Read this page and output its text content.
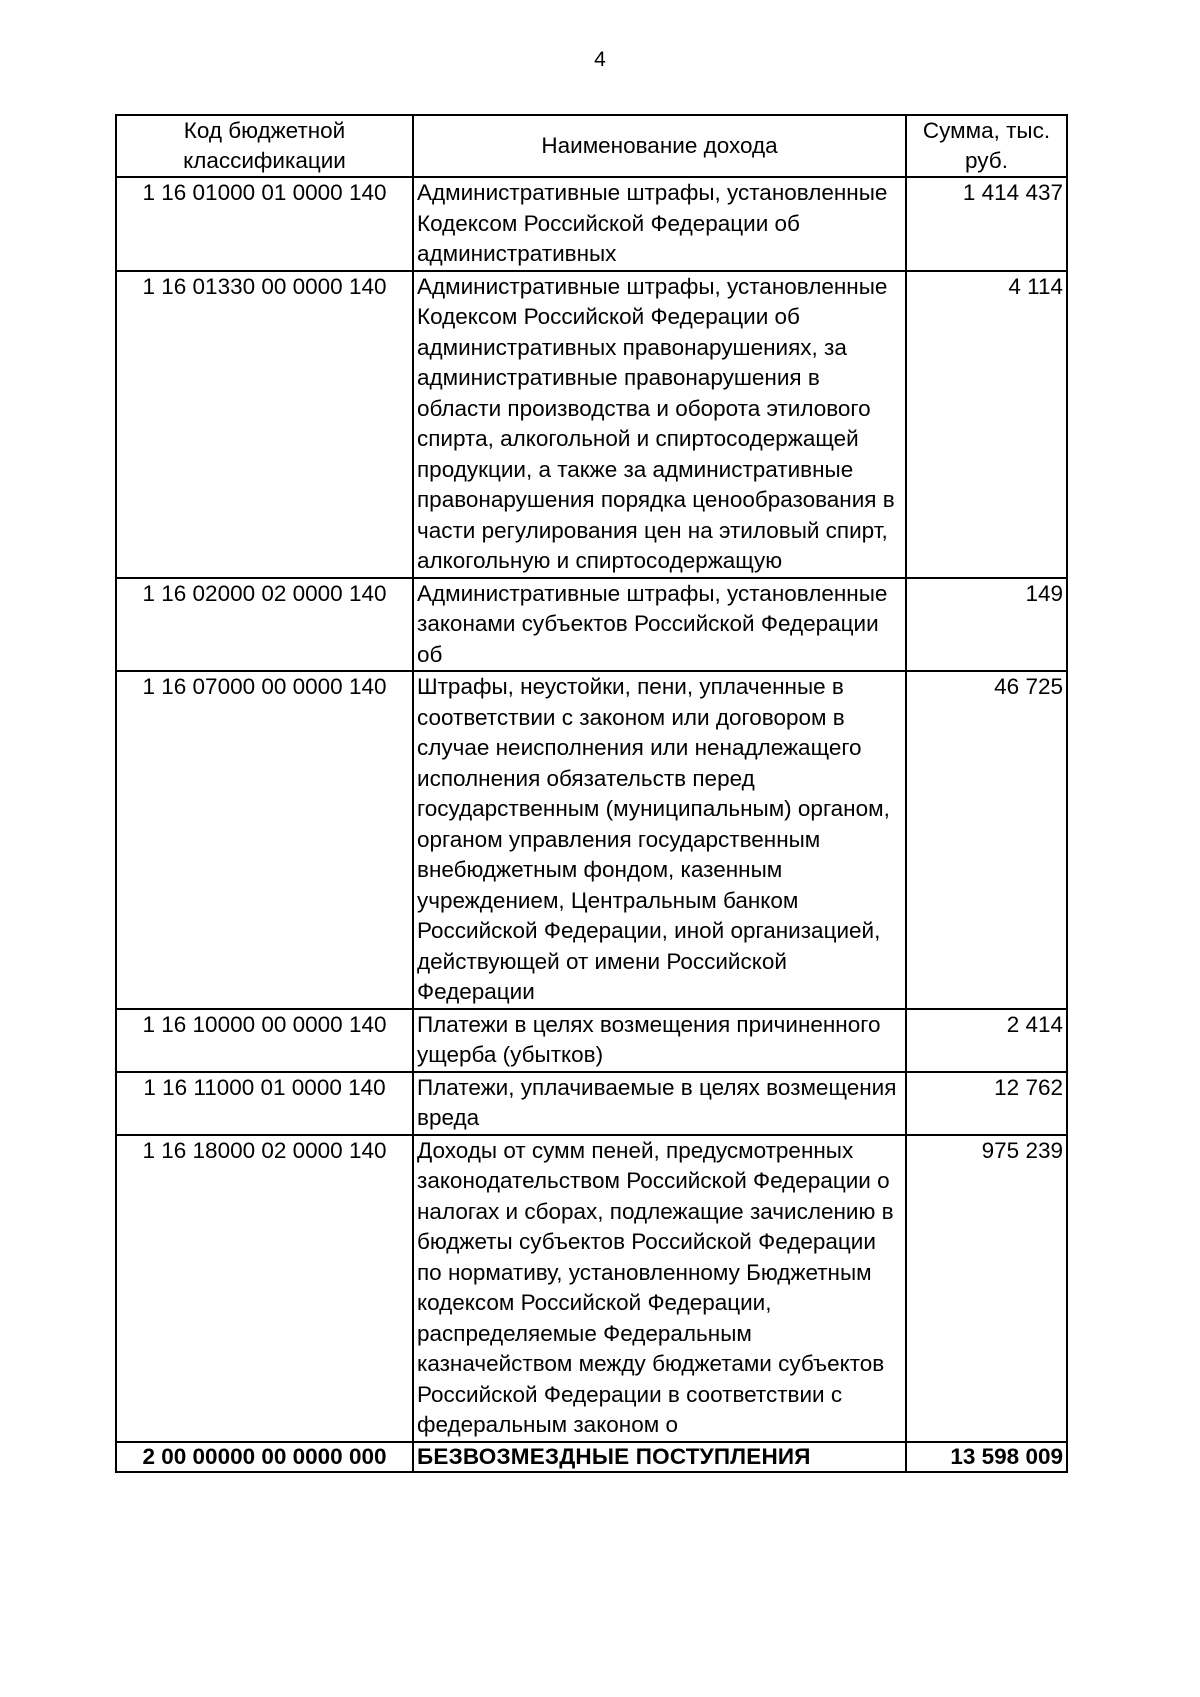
4
Код бюджетной классификации	Наименование дохода	Сумма, тыс. руб.
1 16 01000 01 0000 140	Административные штрафы, установленные Кодексом Российской Федерации об административных	1 414 437
1 16 01330 00 0000 140	Административные штрафы, установленные Кодексом Российской Федерации об административных правонарушениях, за административные правонарушения в области производства и оборота этилового спирта, алкогольной и спиртосодержащей продукции, а также за административные правонарушения порядка ценообразования в части регулирования цен на этиловый спирт, алкогольную и спиртосодержащую	4 114
1 16 02000 02 0000 140	Административные штрафы, установленные законами субъектов Российской Федерации об	149
1 16 07000 00 0000 140	Штрафы, неустойки, пени, уплаченные в соответствии с законом или договором в случае неисполнения или ненадлежащего исполнения обязательств перед государственным (муниципальным) органом, органом управления государственным внебюджетным фондом, казенным учреждением, Центральным банком Российской Федерации, иной организацией, действующей от имени Российской Федерации	46 725
1 16 10000 00 0000 140	Платежи в целях возмещения причиненного ущерба (убытков)	2 414
1 16 11000 01 0000 140	Платежи, уплачиваемые в целях возмещения вреда	12 762
1 16 18000 02 0000 140	Доходы от сумм пеней, предусмотренных законодательством Российской Федерации о налогах и сборах, подлежащие зачислению в бюджеты субъектов Российской Федерации по нормативу, установленному Бюджетным кодексом Российской Федерации, распределяемые Федеральным казначейством между бюджетами субъектов Российской Федерации в соответствии с федеральным законом о	975 239
2 00 00000 00 0000 000	БЕЗВОЗМЕЗДНЫЕ ПОСТУПЛЕНИЯ	13 598 009
